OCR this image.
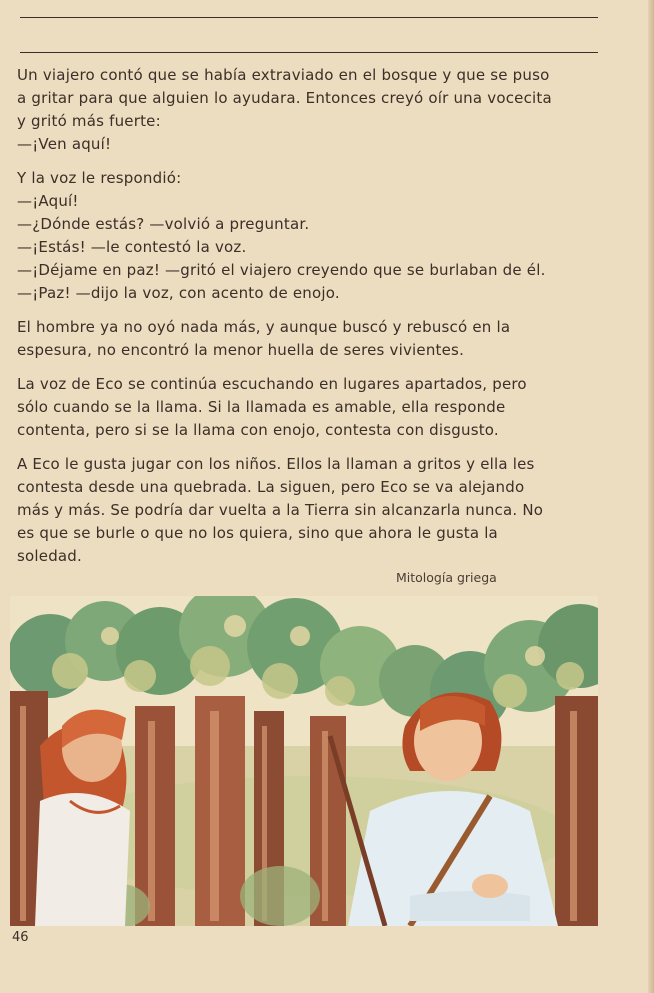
Un viajero contó que se había extraviado en el bosque y que se puso
a gritar para que alguien lo ayudara. Entonces creyó oír una vocecita
y gritó más fuerte:
—¡Ven aquí!

Y la voz le respondió:
—¡Aquí!
—¿Dónde estás? —volvió a preguntar.
—¡Estás! —le contestó la voz.
—¡Déjame en paz! —gritó el viajero creyendo que se burlaban de él.
—¡Paz! —dijo la voz, con acento de enojo.

El hombre ya no oyó nada más, y aunque buscó y rebuscó en la
espesura, no encontró la menor huella de seres vivientes.

La voz de Eco se continúa escuchando en lugares apartados, pero
sólo cuando se la llama. Si la llamada es amable, ella responde
contenta, pero si se la llama con enojo, contesta con disgusto.

A Eco le gusta jugar con los niños. Ellos la llaman a gritos y ella les
contesta desde una quebrada. La siguen, pero Eco se va alejando
más y más. Se podría dar vuelta a la Tierra sin alcanzarla nunca. No
es que se burle o que no los quiera, sino que ahora le gusta la
soledad.

Mitología griega
46
